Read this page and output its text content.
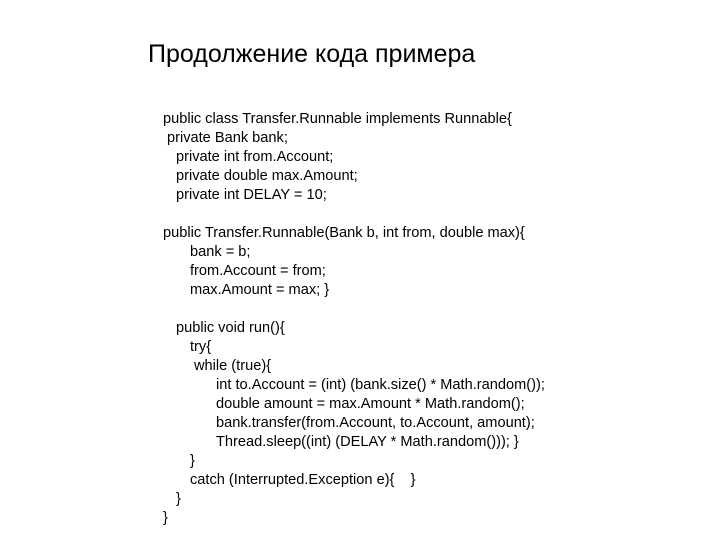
Продолжение кода примера
public class Transfer.Runnable implements Runnable{
private Bank bank;
private int from.Account;
private double max.Amount;
private int DELAY = 10;
public Transfer.Runnable(Bank b, int from, double max){
bank = b;
from.Account = from;
max.Amount = max; }
public void run(){
try{
while (true){
int to.Account = (int) (bank.size() * Math.random());
double amount = max.Amount * Math.random();
bank.transfer(from.Account, to.Account, amount);
Thread.sleep((int) (DELAY * Math.random())); }
}
catch (Interrupted.Exception e){    }
}
}
